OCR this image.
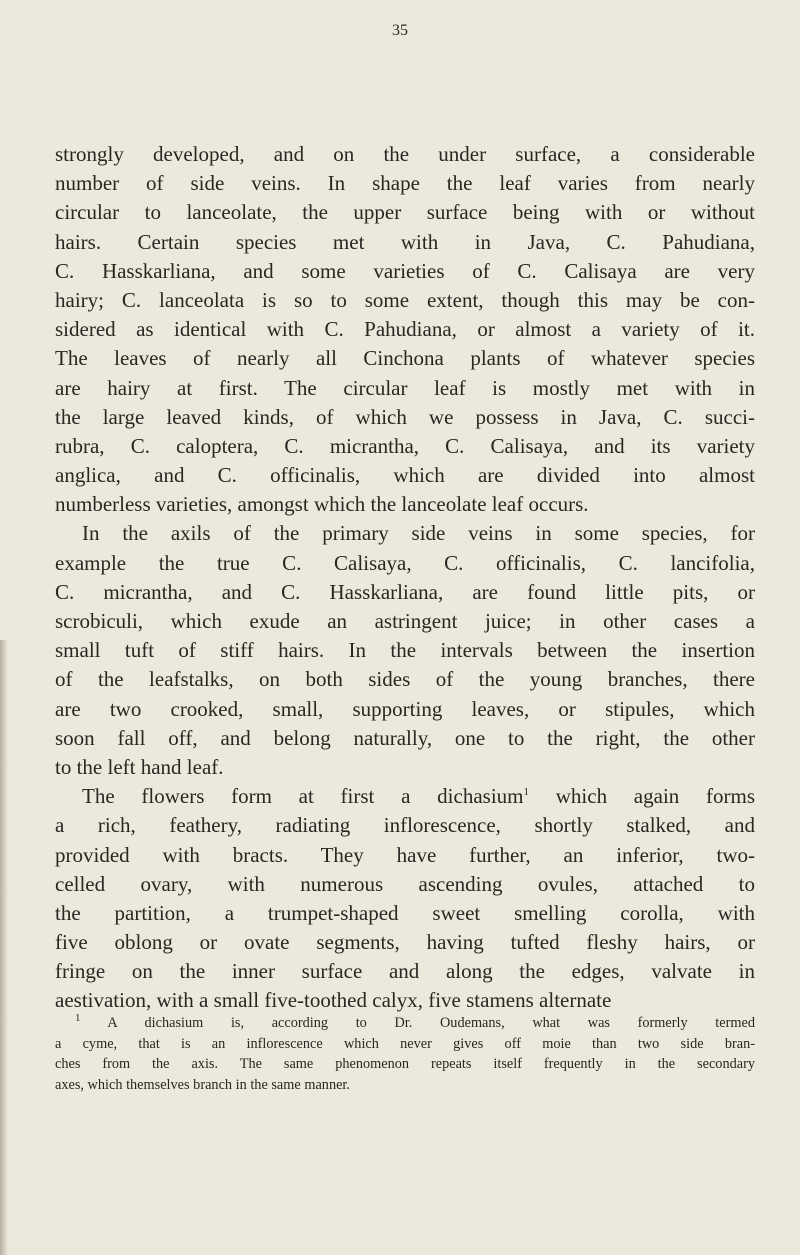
35
strongly developed, and on the under surface, a considerable
number of side veins. In shape the leaf varies from nearly
circular to lanceolate, the upper surface being with or without
hairs. Certain species met with in Java, C. Pahudiana,
C. Hasskarliana, and some varieties of C. Calisaya are very
hairy; C. lanceolata is so to some extent, though this may be con-
sidered as identical with C. Pahudiana, or almost a variety of it.
The leaves of nearly all Cinchona plants of whatever species
are hairy at first. The circular leaf is mostly met with in
the large leaved kinds, of which we possess in Java, C. succi-
rubra, C. caloptera, C. micrantha, C. Calisaya, and its variety
anglica, and C. officinalis, which are divided into almost
numberless varieties, amongst which the lanceolate leaf occurs.
In the axils of the primary side veins in some species, for
example the true C. Calisaya, C. officinalis, C. lancifolia,
C. micrantha, and C. Hasskarliana, are found little pits, or
scrobiculi, which exude an astringent juice; in other cases a
small tuft of stiff hairs. In the intervals between the insertion
of the leafstalks, on both sides of the young branches, there
are two crooked, small, supporting leaves, or stipules, which
soon fall off, and belong naturally, one to the right, the other
to the left hand leaf.
The flowers form at first a dichasium$^1$ which again forms
a rich, feathery, radiating inflorescence, shortly stalked, and
provided with bracts. They have further, an inferior, two-
celled ovary, with numerous ascending ovules, attached to
the partition, a trumpet-shaped sweet smelling corolla, with
five oblong or ovate segments, having tufted fleshy hairs, or
fringe on the inner surface and along the edges, valvate in
aestivation, with a small five-toothed calyx, five stamens alternate
$^1$ A dichasium is, according to Dr. Oudemans, what was formerly termed
a cyme, that is an inflorescence which never gives off moie than two side bran-
ches from the axis. The same phenomenon repeats itself frequently in the secondary
axes, which themselves branch in the same manner.
